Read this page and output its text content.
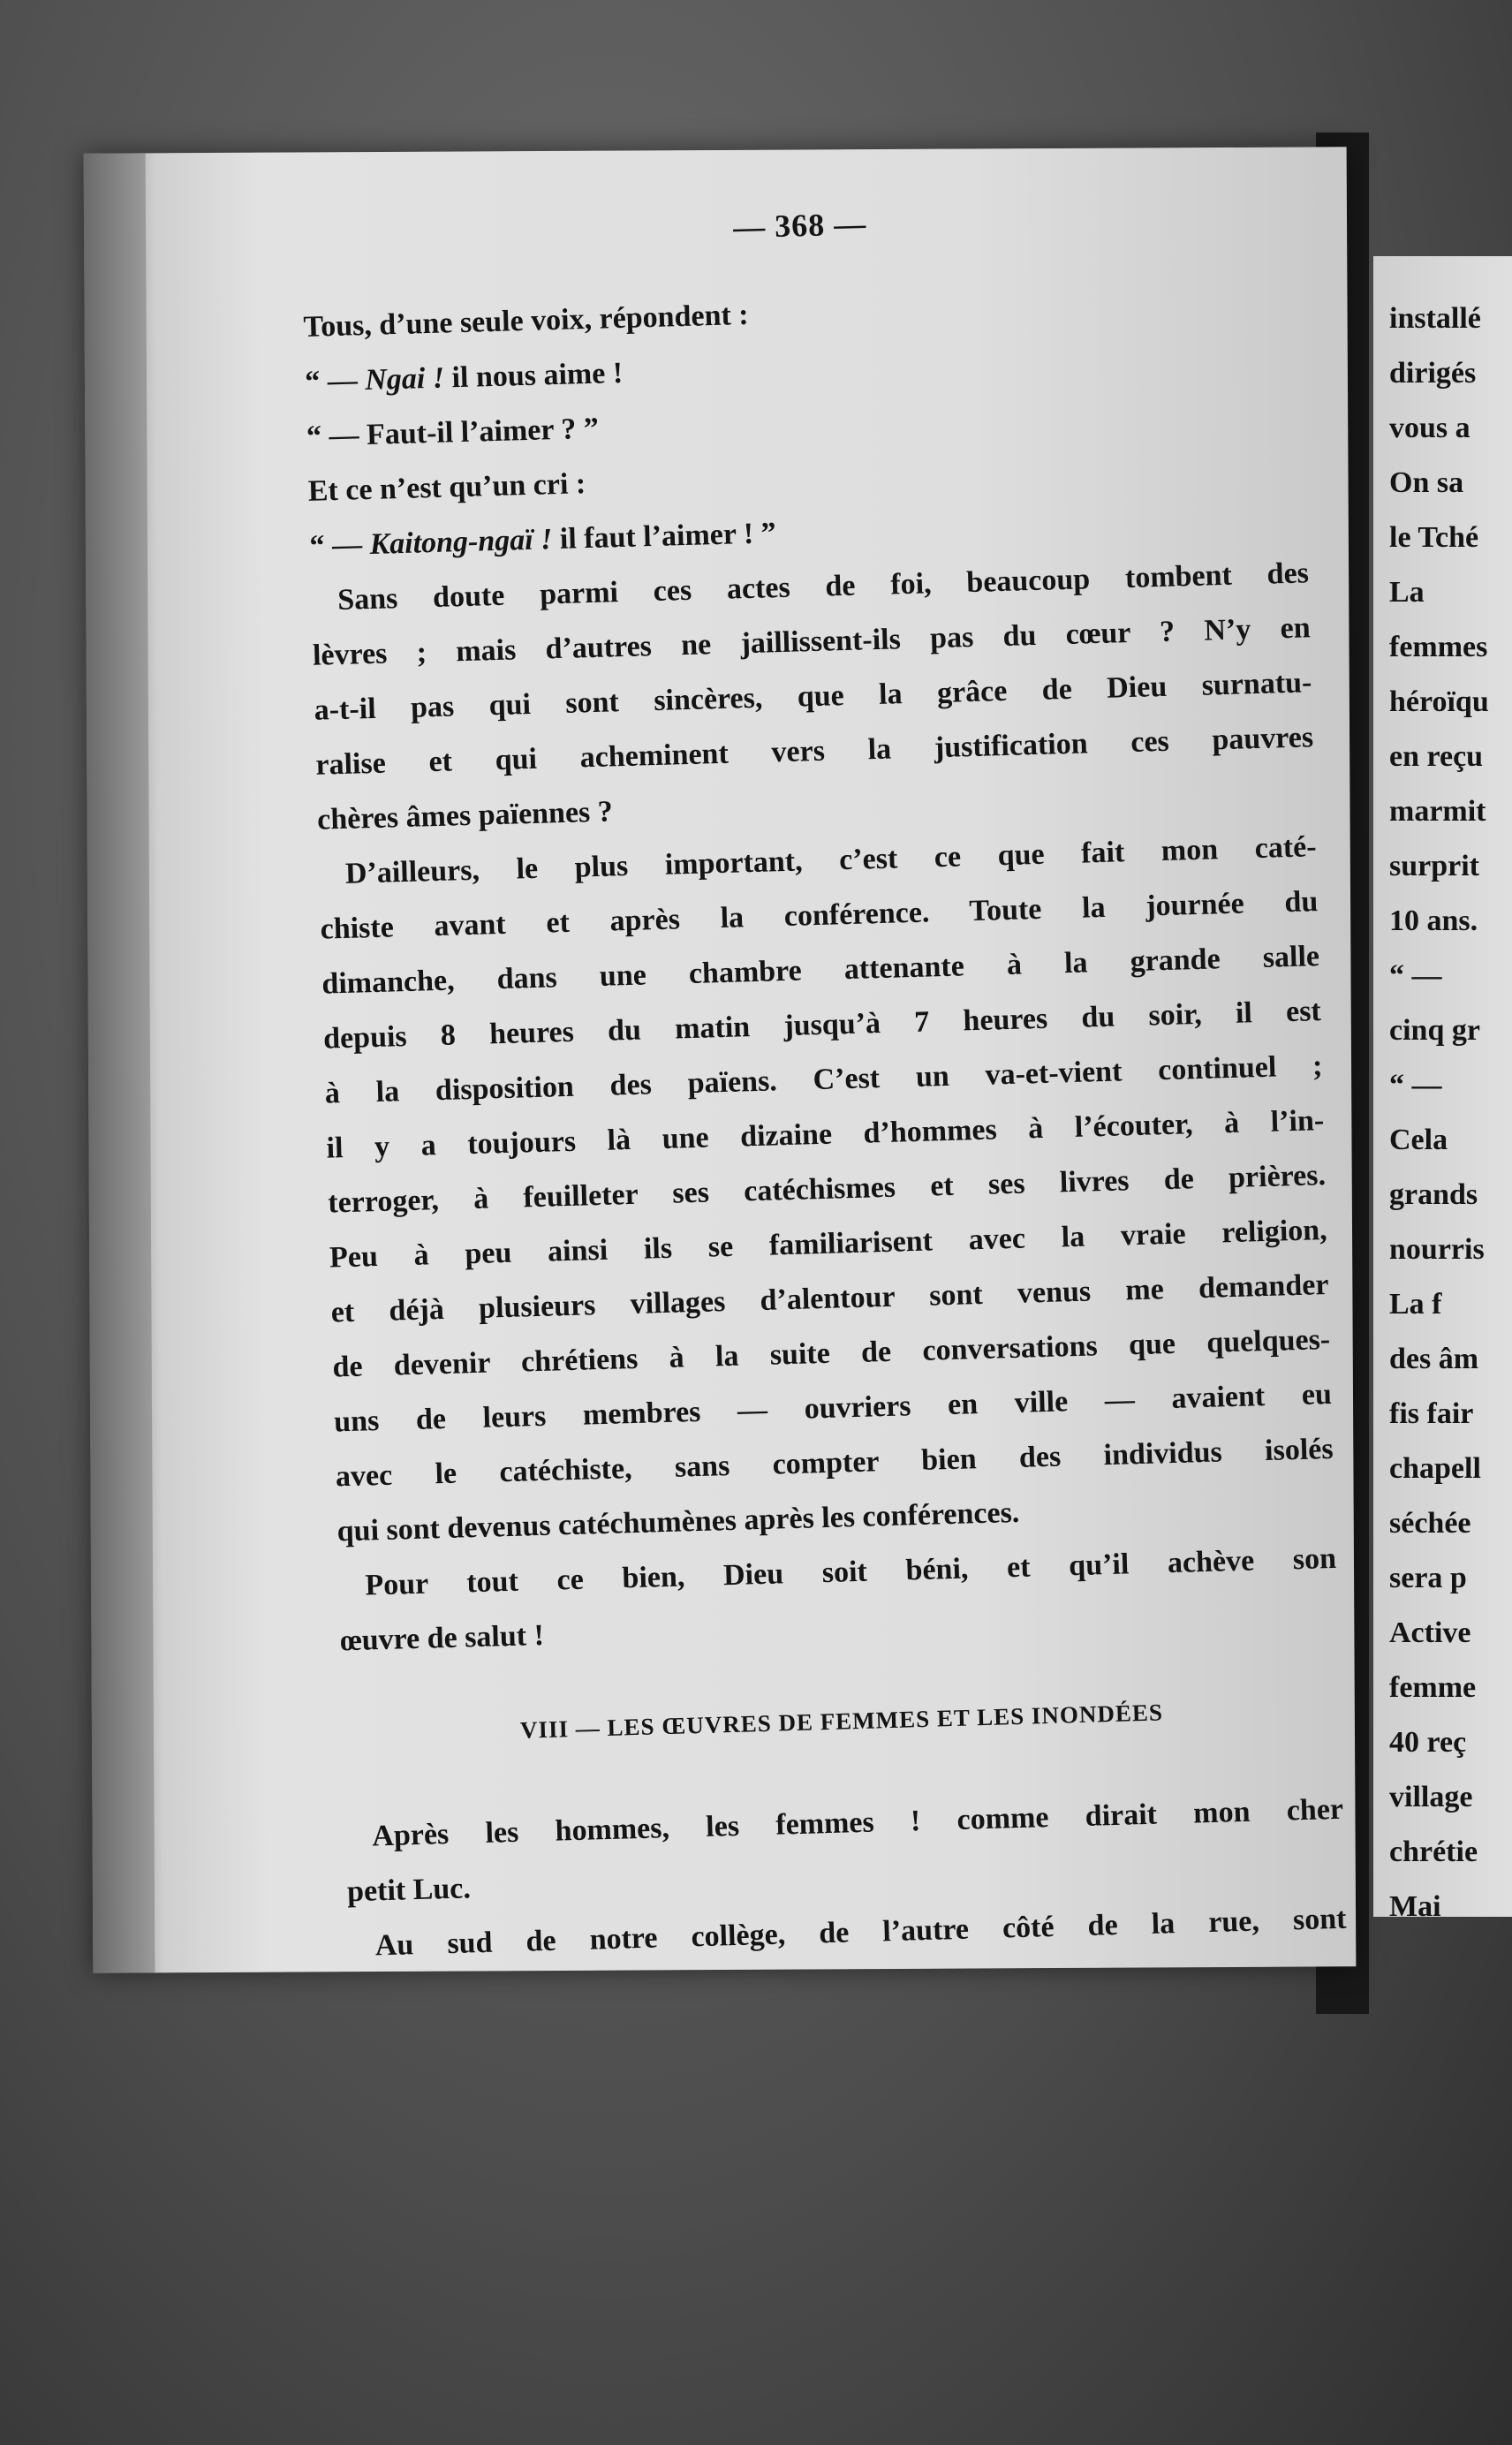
installé
dirigés
vous a
On sa
le Tché
La
femmes
héroïqu
en reçu
marmit
surprit
10 ans.
“ —
cinq gr
“ —
Cela
grands
nourris
La f
des âm
fis fair
chapell
séchée
sera p
Active
femme
40 reç
village
chrétie
Mai
— 368 —
Tous, d’une seule voix, répondent :
“ — Ngai ! il nous aime !
“ — Faut-il l’aimer ? ”
Et ce n’est qu’un cri :
“ — Kaitong-ngaï ! il faut l’aimer ! ”
Sans doute parmi ces actes de foi, beaucoup tombent des
lèvres ; mais d’autres ne jaillissent-ils pas du cœur ? N’y en
a-t-il pas qui sont sincères, que la grâce de Dieu surnatu-
ralise et qui acheminent vers la justification ces pauvres
chères âmes païennes ?
D’ailleurs, le plus important, c’est ce que fait mon caté-
chiste avant et après la conférence. Toute la journée du
dimanche, dans une chambre attenante à la grande salle
depuis 8 heures du matin jusqu’à 7 heures du soir, il est
à la disposition des païens. C’est un va-et-vient continuel ;
il y a toujours là une dizaine d’hommes à l’écouter, à l’in-
terroger, à feuilleter ses catéchismes et ses livres de prières.
Peu à peu ainsi ils se familiarisent avec la vraie religion,
et déjà plusieurs villages d’alentour sont venus me demander
de devenir chrétiens à la suite de conversations que quelques-
uns de leurs membres — ouvriers en ville — avaient eu
avec le catéchiste, sans compter bien des individus isolés
qui sont devenus catéchumènes après les conférences.
Pour tout ce bien, Dieu soit béni, et qu’il achève son
œuvre de salut !
VIII — LES ŒUVRES DE FEMMES ET LES INONDÉES
Après les hommes, les femmes ! comme dirait mon cher
petit Luc.
Au sud de notre collège, de l’autre côté de la rue, sont
